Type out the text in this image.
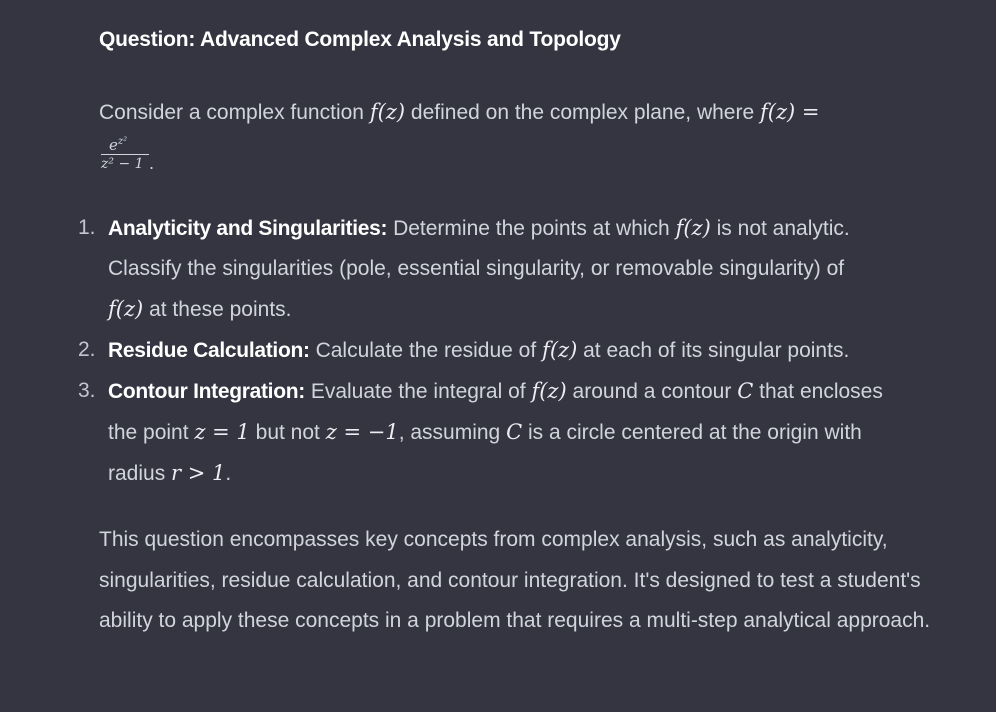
Question: Advanced Complex Analysis and Topology
Consider a complex function f(z) defined on the complex plane, where f(z) =
$e^{z^2}$
z² − 1 .
1. Analyticity and Singularities: Determine the points at which f(z) is not analytic.
Classify the singularities (pole, essential singularity, or removable singularity) of
f(z) at these points.
2. Residue Calculation: Calculate the residue of f(z) at each of its singular points.
3. Contour Integration: Evaluate the integral of f(z) around a contour C that encloses
the point z = 1 but not z = −1, assuming C is a circle centered at the origin with
radius r > 1.
This question encompasses key concepts from complex analysis, such as analyticity, singularities, residue calculation, and contour integration. It's designed to test a student's ability to apply these concepts in a problem that requires a multi-step analytical approach.
